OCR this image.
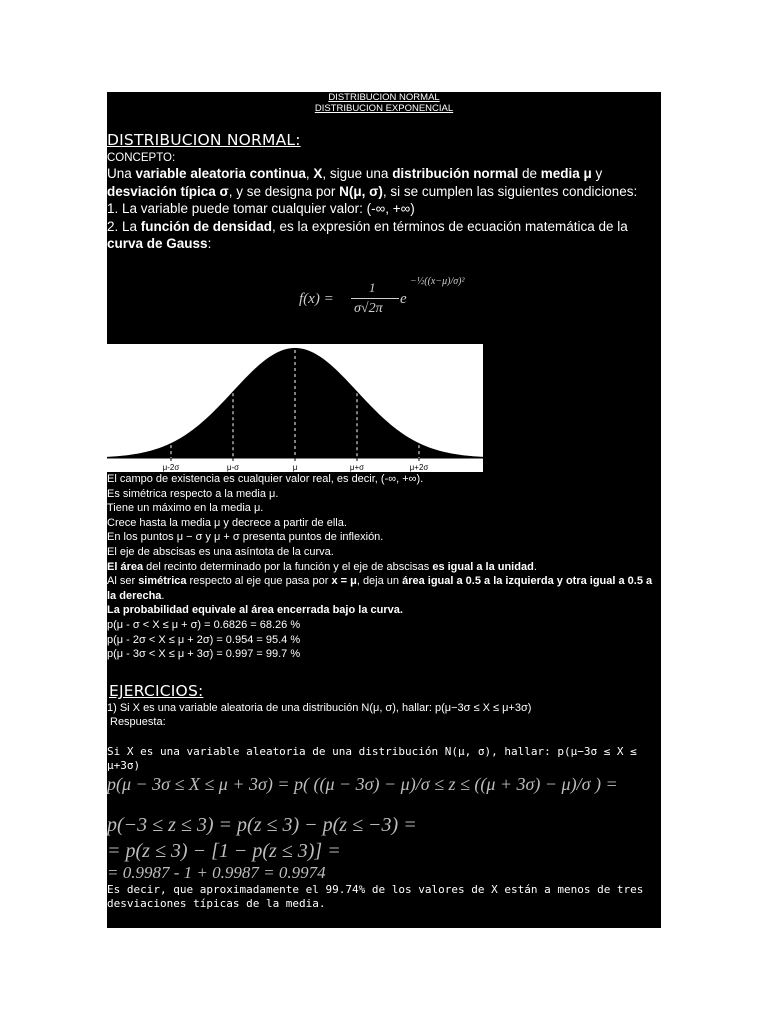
DISTRIBUCION NORMAL
DISTRIBUCION EXPONENCIAL
DISTRIBUCION NORMAL:
CONCEPTO:
Una variable aleatoria continua, X, sigue una distribución normal de media μ y desviación típica σ, y se designa por N(μ, σ), si se cumplen las siguientes condiciones:
1. La variable puede tomar cualquier valor: (-∞, +∞)
2. La función de densidad, es la expresión en términos de ecuación matemática de la curva de Gauss:
f(x) =
1
σ√2π
e
−½((x−μ)/σ)²
μ-2σ	μ-σ	μ	μ+σ	μ+2σ
El campo de existencia es cualquier valor real, es decir, (-∞, +∞).
Es simétrica respecto a la media μ.
Tiene un máximo en la media μ.
Crece hasta la media μ y decrece a partir de ella.
En los puntos μ − σ y μ + σ presenta puntos de inflexión.
El eje de abscisas es una asíntota de la curva.
El área del recinto determinado por la función y el eje de abscisas es igual a la unidad.
Al ser simétrica respecto al eje que pasa por x = μ, deja un área igual a 0.5 a la izquierda y otra igual a 0.5 a la derecha.
La probabilidad equivale al área encerrada bajo la curva.
p(μ - σ < X ≤ μ + σ) = 0.6826 = 68.26 %
p(μ - 2σ < X ≤ μ + 2σ) = 0.954 = 95.4 %
p(μ - 3σ < X ≤ μ + 3σ) = 0.997 = 99.7 %
EJERCICIOS:
1) Si X es una variable aleatoria de una distribución N(μ, σ), hallar: p(μ−3σ ≤ X ≤ μ+3σ)
Respuesta:
Si X es una variable aleatoria de una distribución N(μ, σ), hallar: p(μ−3σ ≤ X ≤ μ+3σ)
p(μ − 3σ ≤ X ≤ μ + 3σ) = p( ((μ − 3σ) − μ)/σ ≤ z ≤ ((μ + 3σ) − μ)/σ ) =
p(−3 ≤ z ≤ 3) = p(z ≤ 3) − p(z ≤ −3) =
= p(z ≤ 3) − [1 − p(z ≤ 3)] =
= 0.9987 - 1 + 0.9987 = 0.9974
Es decir, que aproximadamente el 99.74% de los valores de X están a menos de tres desviaciones típicas de la media.
